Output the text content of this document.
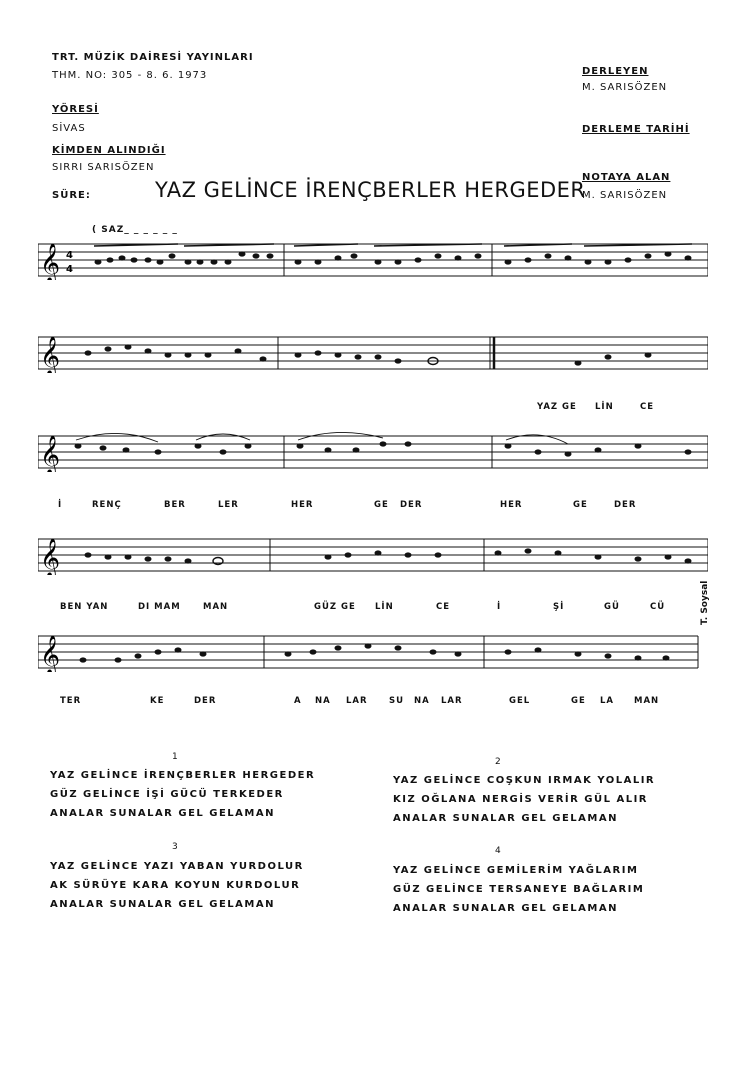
TRT. MÜZİK DAİRESİ YAYINLARI
THM. NO: 305 - 8. 6. 1973
YÖRESİ
SİVAS
KİMDEN ALINDIĞI
SIRRI SARISÖZEN
SÜRE:
DERLEYEN
M. SARISÖZEN
DERLEME TARİHİ
NOTAYA ALAN
M. SARISÖZEN
YAZ GELİNCE İRENÇBERLER HERGEDER
( SAZ_ _ _ _ _ _
𝄞 4
4
𝄞
YAZ GE LİN	CE
𝄞
İ	RENÇ	BER	LER	HER	GE DER	HER	GE	DER
𝄞
BEN YAN	DI MAM	MAN	GÜZ GE LİN	CE	İ	Şİ	GÜ	CÜ
𝄞
TER	KE	DER	A NA LAR	SU NA LAR	GEL	GE LA MAN
T. Soysal
1
YAZ GELİNCE İRENÇBERLER HERGEDER
GÜZ GELİNCE İŞİ GÜCÜ TERKEDER
ANALAR SUNALAR GEL GELAMAN
2
YAZ GELİNCE COŞKUN IRMAK YOLALIR
KIZ OĞLANA NERGİS VERİR GÜL ALIR
ANALAR SUNALAR GEL GELAMAN
3
YAZ GELİNCE YAZI YABAN YURDOLUR
AK SÜRÜYE KARA KOYUN KURDOLUR
ANALAR SUNALAR GEL GELAMAN
4
YAZ GELİNCE GEMİLERİM YAĞLARIM
GÜZ GELİNCE TERSANEYE BAĞLARIM
ANALAR SUNALAR GEL GELAMAN
